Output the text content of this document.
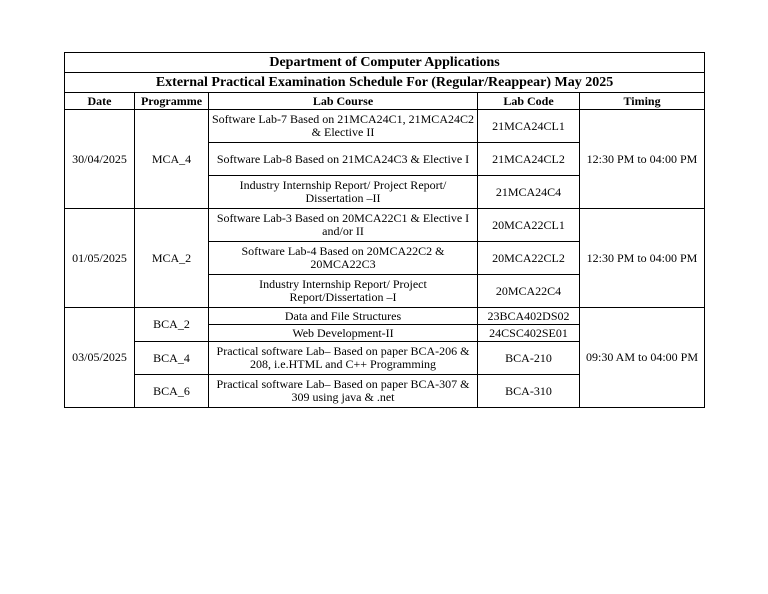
Department of Computer Applications				
External Practical Examination Schedule For (Regular/Reappear) May 2025				
Date	Programme	Lab Course	Lab Code	Timing
30/04/2025	MCA_4	Software Lab-7 Based on 21MCA24C1, 21MCA24C2 & Elective II	21MCA24CL1	12:30 PM to 04:00 PM
		Software Lab-8 Based on 21MCA24C3 & Elective I	21MCA24CL2	
		Industry Internship Report/ Project Report/ Dissertation –II	21MCA24C4	
01/05/2025	MCA_2	Software Lab-3 Based on 20MCA22C1 & Elective I and/or II	20MCA22CL1	12:30 PM to 04:00 PM
		Software Lab-4 Based on 20MCA22C2 & 20MCA22C3	20MCA22CL2	
		Industry Internship Report/ Project Report/Dissertation –I	20MCA22C4	
03/05/2025	BCA_2	Data and File Structures	23BCA402DS02	09:30 AM to 04:00 PM
		Web Development-II	24CSC402SE01	
	BCA_4	Practical software Lab– Based on paper BCA-206 & 208, i.e.HTML and C++ Programming	BCA-210	
	BCA_6	Practical software Lab– Based on paper BCA-307 & 309 using java & .net	BCA-310	
